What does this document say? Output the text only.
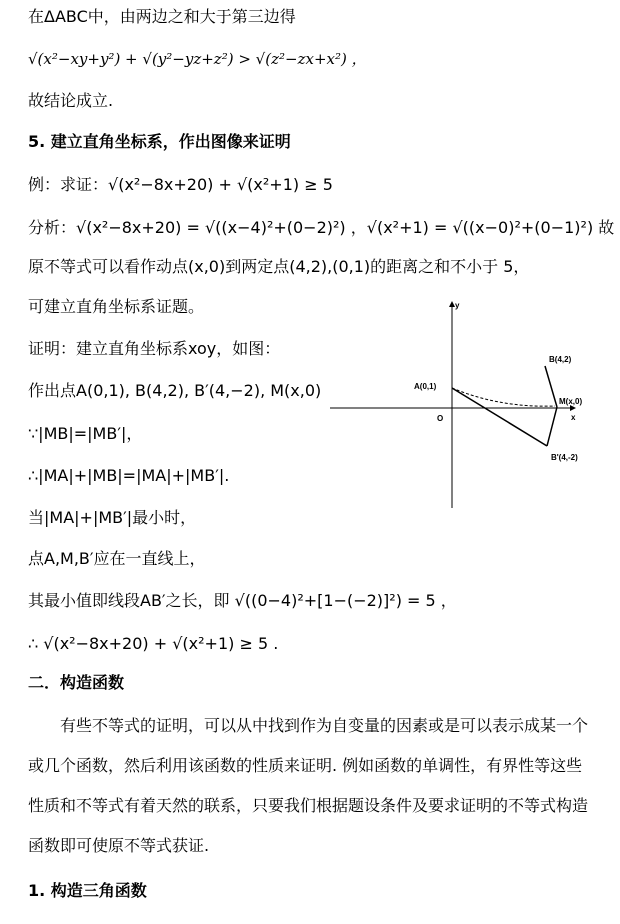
在ΔABC中，由两边之和大于第三边得
√(x²−xy+y²) + √(y²−yz+z²) > √(z²−zx+x²) ，
故结论成立.
5. 建立直角坐标系，作出图像来证明
例：求证：√(x²−8x+20) + √(x²+1) ≥ 5
分析：√(x²−8x+20) = √((x−4)²+(0−2)²) ，√(x²+1) = √((x−0)²+(0−1)²) 故
原不等式可以看作动点(x,0)到两定点(4,2),(0,1)的距离之和不小于 5，
可建立直角坐标系证题。
证明：建立直角坐标系xoy，如图：
作出点A(0,1), B(4,2), B′(4,−2), M(x,0)
∵|MB|=|MB′|，
∴|MA|+|MB|=|MA|+|MB′|.
当|MA|+|MB′|最小时，
点A,M,B′应在一直线上，
其最小值即线段AB′之长，即 √((0−4)²+[1−(−2)]²) = 5 ，
∴ √(x²−8x+20) + √(x²+1) ≥ 5 .
二．构造函数
有些不等式的证明，可以从中找到作为自变量的因素或是可以表示成某一个或几个函数，然后利用该函数的性质来证明. 例如函数的单调性，有界性等这些性质和不等式有着天然的联系，只要我们根据题设条件及要求证明的不等式构造函数即可使原不等式获证.
1. 构造三角函数
y
x
O
A(0,1)
B(4,2)
M(x,0)
B'(4,-2)
